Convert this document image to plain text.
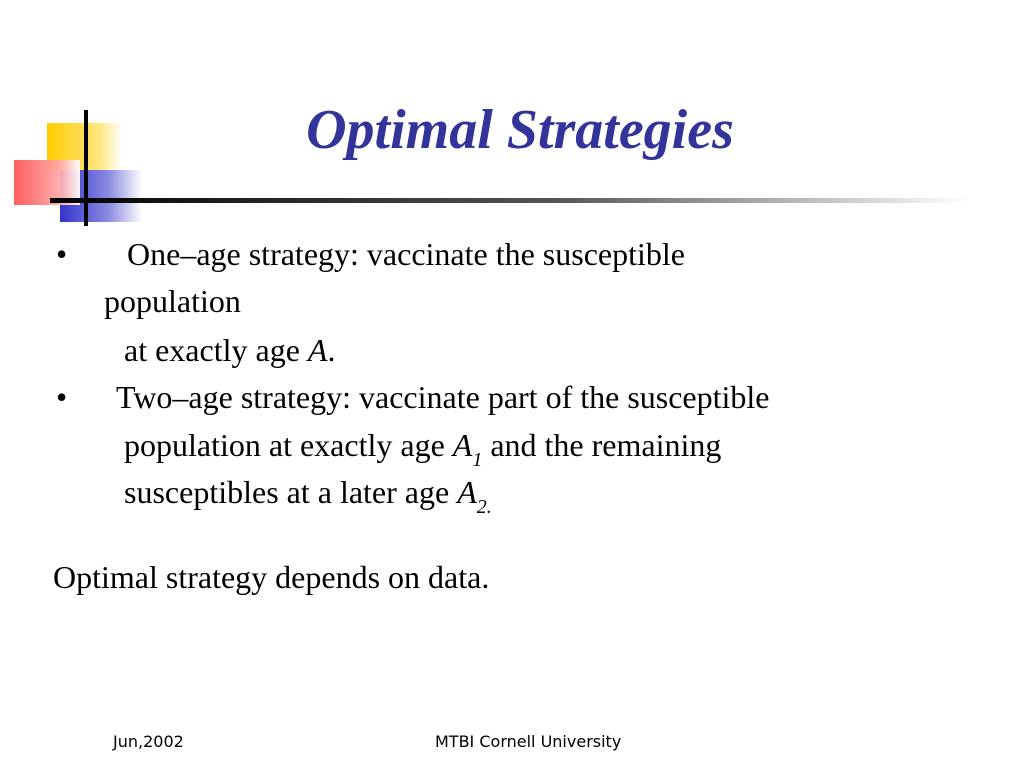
Optimal Strategies
• One–age strategy: vaccinate the susceptible
population
at exactly age A.
• Two–age strategy: vaccinate part of the susceptible
population at exactly age $A_1$ and the remaining
susceptibles at a later age $A_{2.}$
Optimal strategy depends on data.
Jun,2002	MTBI Cornell University
